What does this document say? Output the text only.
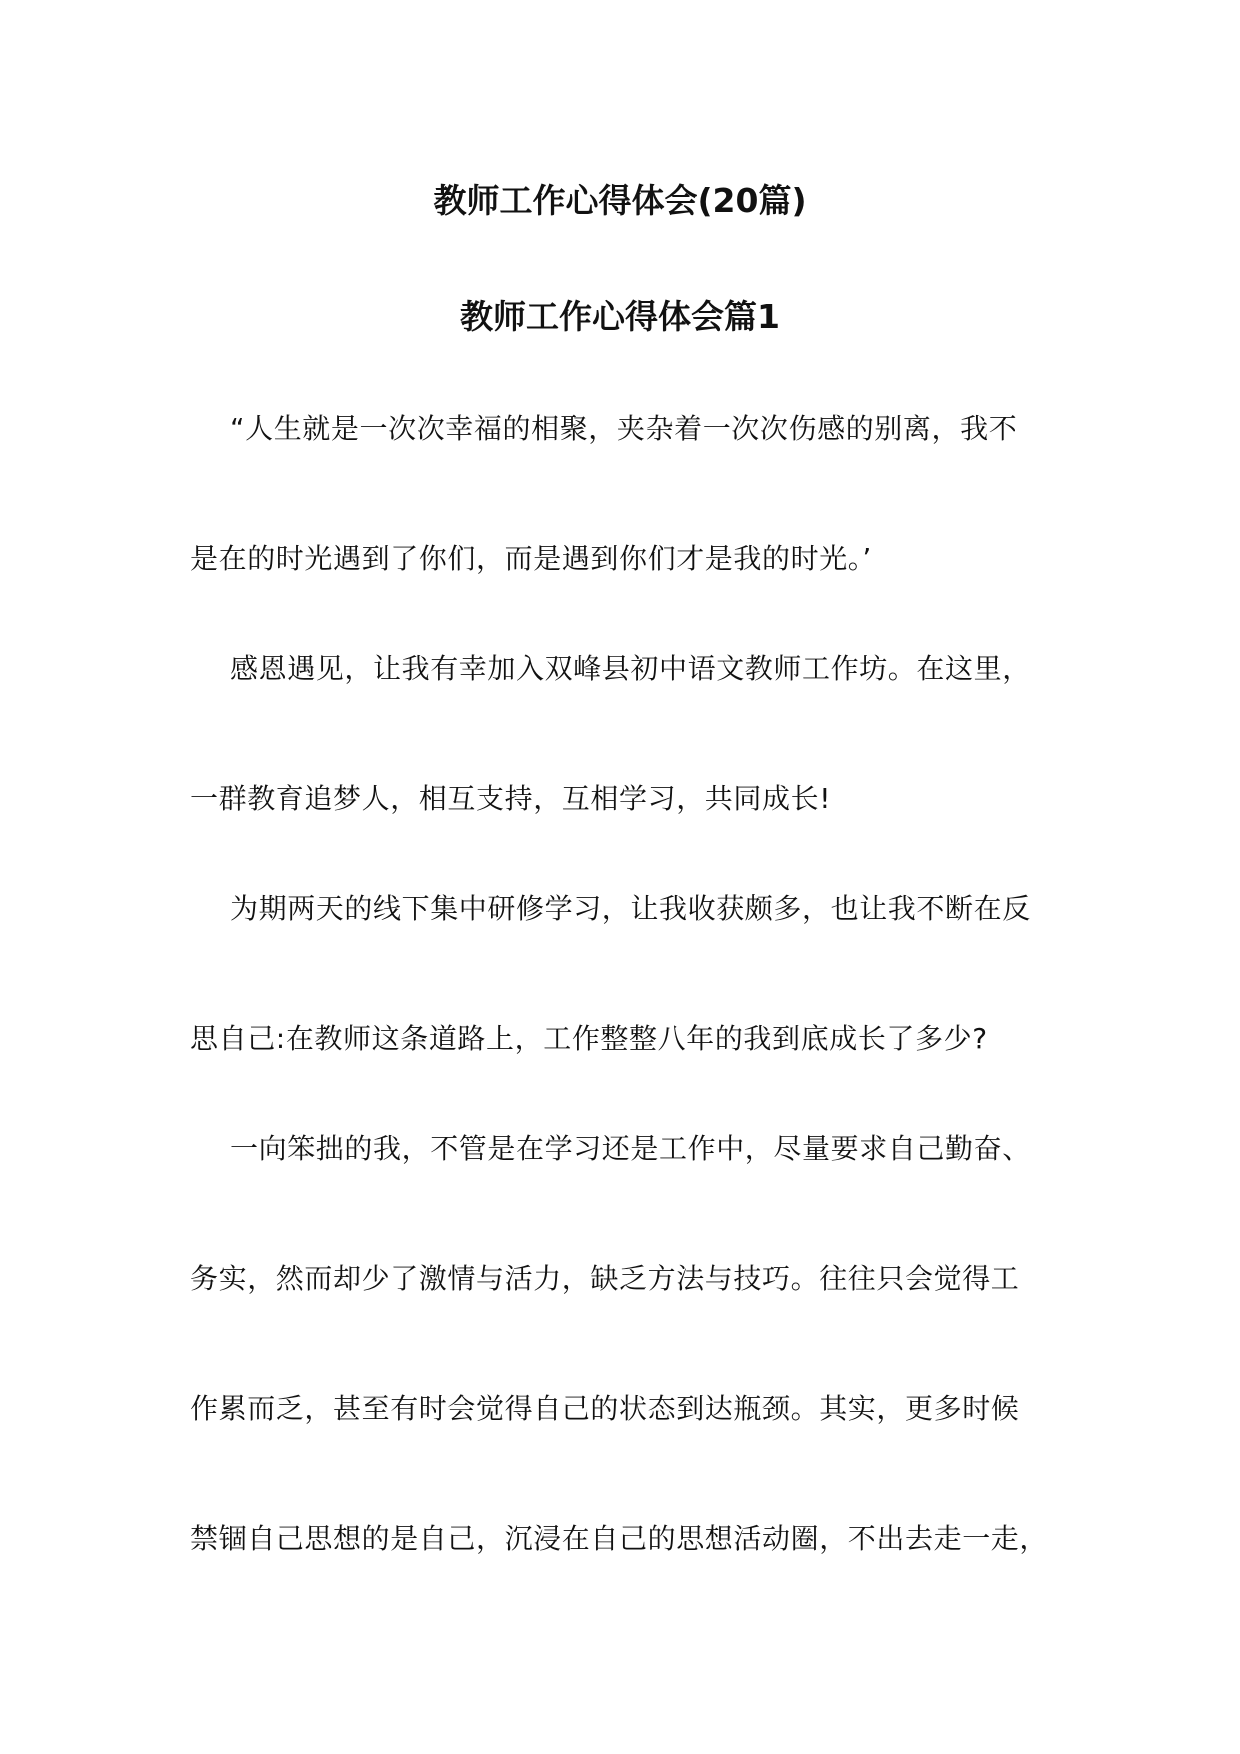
教师工作心得体会(20篇)
教师工作心得体会篇1
“人生就是一次次幸福的相聚，夹杂着一次次伤感的别离，我不
是在的时光遇到了你们，而是遇到你们才是我的时光。’
感恩遇见，让我有幸加入双峰县初中语文教师工作坊。在这里，
一群教育追梦人，相互支持，互相学习，共同成长!
为期两天的线下集中研修学习，让我收获颇多，也让我不断在反
思自己:在教师这条道路上，工作整整八年的我到底成长了多少?
一向笨拙的我，不管是在学习还是工作中，尽量要求自己勤奋、
务实，然而却少了激情与活力，缺乏方法与技巧。往往只会觉得工
作累而乏，甚至有时会觉得自己的状态到达瓶颈。其实，更多时候
禁锢自己思想的是自己，沉浸在自己的思想活动圈，不出去走一走，
